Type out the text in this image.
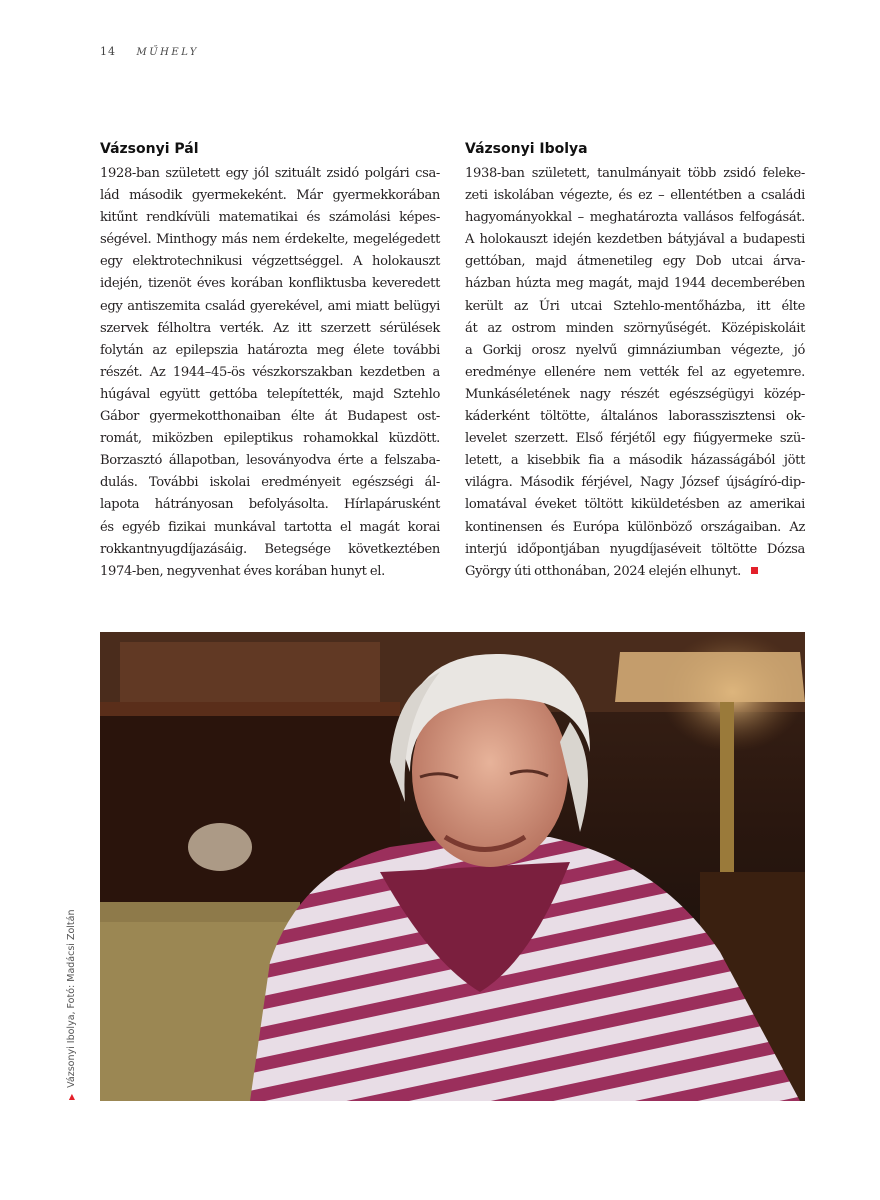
14 MŰHELY
Vázsonyi Pál
1928-ban született egy jól szituált zsidó polgári csa-
lád második gyermekeként. Már gyermekkorában
kitűnt rendkívüli matematikai és számolási képes-
ségével. Minthogy más nem érdekelte, megelégedett
egy elektrotechnikusi végzettséggel. A holokauszt
idején, tizenöt éves korában konfliktusba keveredett
egy antiszemita család gyerekével, ami miatt belügyi
szervek félholtra verték. Az itt szerzett sérülések
folytán az epilepszia határozta meg élete további
részét. Az 1944–45-ös vészkorszakban kezdetben a
húgával együtt gettóba telepítették, majd Sztehlo
Gábor gyermekotthonaiban élte át Budapest ost-
romát, miközben epileptikus rohamokkal küzdött.
Borzasztó állapotban, lesoványodva érte a felszaba-
dulás. További iskolai eredményeit egészségi ál-
lapota hátrányosan befolyásolta. Hírlapárusként
és egyéb fizikai munkával tartotta el magát korai
rokkantnyugdíjazásáig. Betegsége következtében
1974-ben, negyvenhat éves korában hunyt el.
Vázsonyi Ibolya
1938-ban született, tanulmányait több zsidó feleke-
zeti iskolában végezte, és ez – ellentétben a családi
hagyományokkal – meghatározta vallásos felfogását.
A holokauszt idején kezdetben bátyjával a budapesti
gettóban, majd átmenetileg egy Dob utcai árva-
házban húzta meg magát, majd 1944 decemberében
került az Úri utcai Sztehlo-mentőházba, itt élte
át az ostrom minden szörnyűségét. Középiskoláit
a Gorkij orosz nyelvű gimnáziumban végezte, jó
eredménye ellenére nem vették fel az egyetemre.
Munkáséletének nagy részét egészségügyi közép-
káderként töltötte, általános laborasszisztensi ok-
levelet szerzett. Első férjétől egy fiúgyermeke szü-
letett, a kisebbik fia a második házasságából jött
világra. Második férjével, Nagy József újságíró-dip-
lomatával éveket töltött kiküldetésben az amerikai
kontinensen és Európa különböző országaiban. Az
interjú időpontjában nyugdíjaséveit töltötte Dózsa
György úti otthonában, 2024 elején elhunyt.
▶Vázsonyi Ibolya, Fotó: Madácsi Zoltán
